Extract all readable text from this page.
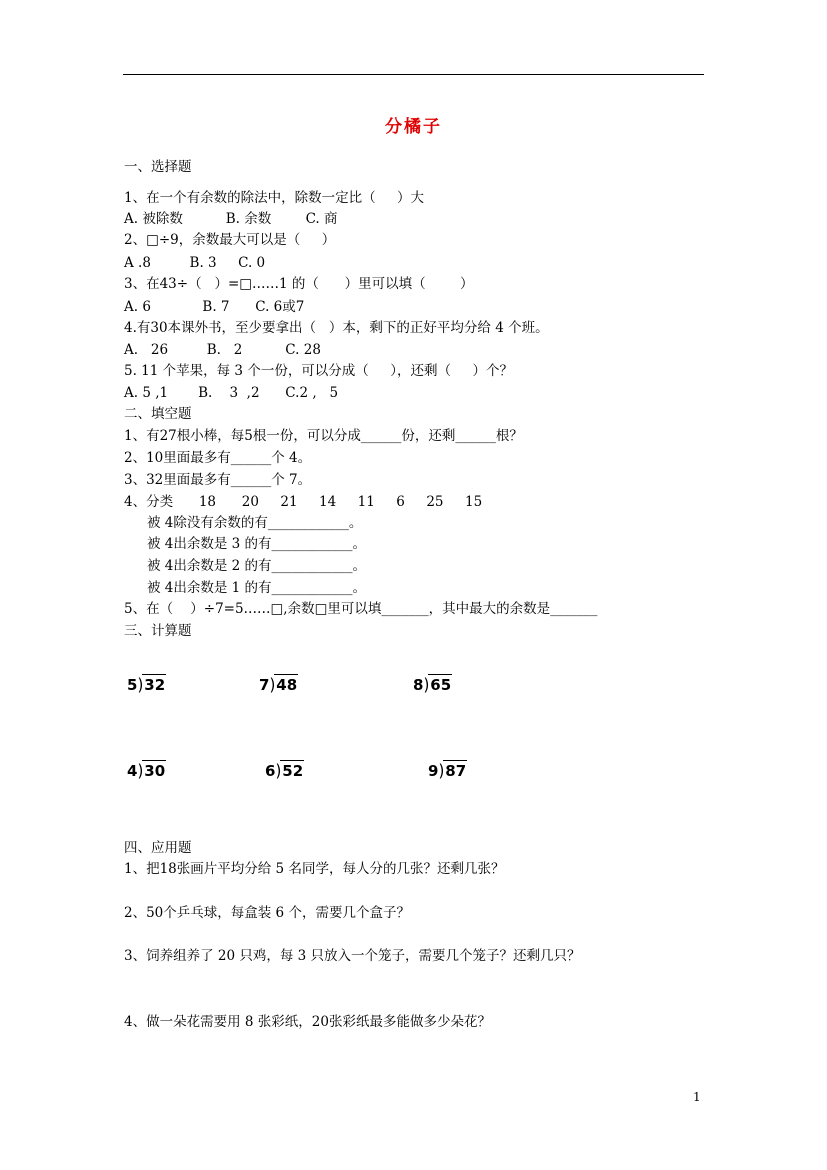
分橘子
一、选择题
1、在一个有余数的除法中，除数一定比（     ）大
A. 被除数          B. 余数        C. 商
2、□÷9，余数最大可以是（     ）
A .8         B. 3     C. 0
3、在43÷（   ）=□……1 的（      ）里可以填（        ）
A. 6            B. 7      C. 6或7
4.有30本课外书，至少要拿出（   ）本，剩下的正好平均分给 4 个班。
A.   26         B.   2          C. 28
5. 11 个苹果，每 3 个一份，可以分成（     ），还剩（     ）个？
A. 5 ,1       B.    3  ,2      C.2 ,   5
二、填空题
1、有27根小棒，每5根一份，可以分成______份，还剩______根？
2、10里面最多有______个 4。
3、32里面最多有______个 7。
4、分类      18      20     21     14     11     6     25     15
被 4除没有余数的有____________。
被 4出余数是 3 的有____________。
被 4出余数是 2 的有____________。
被 4出余数是 1 的有____________。
5、在（    ）÷7=5……□,余数□里可以填_______，其中最大的余数是_______
三、计算题
5)32	7)48	8)65
4)30	6)52	9)87
四、应用题
1、把18张画片平均分给 5 名同学，每人分的几张？还剩几张？
2、50个乒乓球，每盒装 6 个，需要几个盒子？
3、饲养组养了 20 只鸡，每 3 只放入一个笼子，需要几个笼子？还剩几只？
4、做一朵花需要用 8 张彩纸，20张彩纸最多能做多少朵花？
1
